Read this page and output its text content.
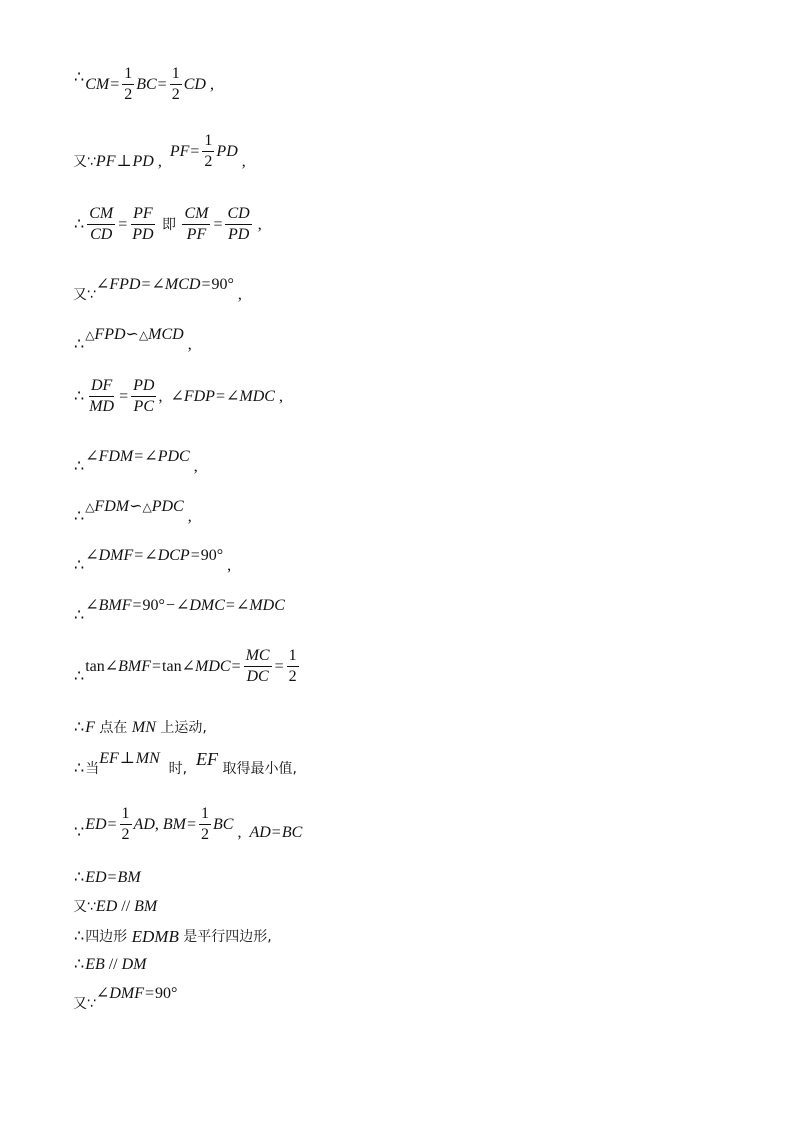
∴ CM = $\frac{1}{2}$ BC = $\frac{1}{2}$ CD ,
又∵ PF ⊥ PD ,
PF = $\frac{1}{2}$ PD
,
∴ $\frac{CM}{CD} = \frac{PF}{PD}$ 即 $\frac{CM}{PF} = \frac{CD}{PD}$ ,
又∵
∠FPD = ∠MCD = 90°
,
∴
△ FPD ∽ △ MCD
,
∴ $\frac{DF}{MD} = \frac{PD}{PC}$ , ∠FDP = ∠MDC ,
∴
∠FDM = ∠PDC
,
∴
△ FDM ∽ △ PDC
,
∴
∠DMF = ∠DCP = 90°
,
∴
∠BMF = 90° − ∠DMC = ∠MDC
∴
tan ∠BMF = tan ∠MDC = $\frac{MC}{DC} = \frac{1}{2}$
∴ F 点在 MN 上运动,
∴ 当
EF ⊥ MN
时, EF 取得最小值,
∵ ED = $\frac{1}{2}$ AD , BM = $\frac{1}{2}$ BC , AD = BC
∴ ED = BM
又∵ ED // BM
∴ 四边形 EDMB 是平行四边形,
∴ EB // DM
又∵
∠DMF = 90°
